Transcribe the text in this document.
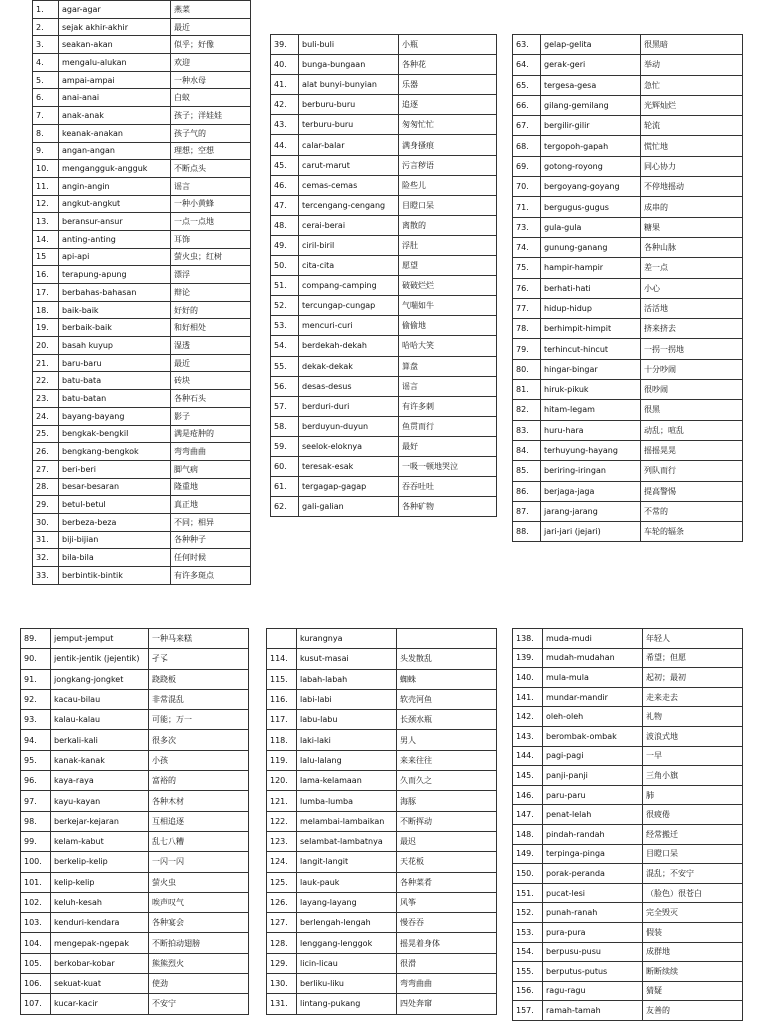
1.	agar-agar	燕菜
2.	sejak akhir-akhir	最近
3.	seakan-akan	似乎；好像
4.	mengalu-alukan	欢迎
5.	ampai-ampai	一种水母
6.	anai-anai	白蚁
7.	anak-anak	孩子；洋娃娃
8.	keanak-anakan	孩子气的
9.	angan-angan	理想；空想
10.	mengangguk-angguk	不断点头
11.	angin-angin	谣言
12.	angkut-angkut	一种小黄蜂
13.	beransur-ansur	一点一点地
14.	anting-anting	耳饰
15	api-api	萤火虫；红树
16.	terapung-apung	漂浮
17.	berbahas-bahasan	辩论
18.	baik-baik	好好的
19.	berbaik-baik	和好相处
20.	basah kuyup	湿透
21.	baru-baru	最近
22.	batu-bata	砖块
23.	batu-batan	各种石头
24.	bayang-bayang	影子
25.	bengkak-bengkil	满是疮肿的
26.	bengkang-bengkok	弯弯曲曲
27.	beri-beri	脚气病
28.	besar-besaran	隆重地
29.	betul-betul	真正地
30.	berbeza-beza	不同；相异
31.	biji-bijian	各种种子
32.	bila-bila	任何时候
33.	berbintik-bintik	有许多斑点
39.	buli-buli	小瓶
40.	bunga-bungaan	各种花
41.	alat bunyi-bunyian	乐器
42.	berburu-buru	追逐
43.	terburu-buru	匆匆忙忙
44.	calar-balar	满身搔痕
45.	carut-marut	污言秽语
46.	cemas-cemas	险些儿
47.	tercengang-cengang	目瞪口呆
48.	cerai-berai	离散的
49.	ciril-biril	浮肚
50.	cita-cita	愿望
51.	compang-camping	破破烂烂
52.	tercungap-cungap	气喘如牛
53.	mencuri-curi	偷偷地
54.	berdekah-dekah	哈哈大笑
55.	dekak-dekak	算盘
56.	desas-desus	谣言
57.	berduri-duri	有许多刺
58.	berduyun-duyun	鱼贯而行
59.	seelok-eloknya	最好
60.	teresak-esak	一吸一顿地哭泣
61.	tergagap-gagap	吞吞吐吐
62.	gali-galian	各种矿物
63.	gelap-gelita	很黑暗
64.	gerak-geri	举动
65.	tergesa-gesa	急忙
66.	gilang-gemilang	光辉灿烂
67.	bergilir-gilir	轮流
68.	tergopoh-gapah	慌忙地
69.	gotong-royong	同心协力
70.	bergoyang-goyang	不停地摇动
71.	bergugus-gugus	成串的
73.	gula-gula	糖果
74.	gunung-ganang	各种山脉
75.	hampir-hampir	差一点
76.	berhati-hati	小心
77.	hidup-hidup	活活地
78.	berhimpit-himpit	挤来挤去
79.	terhincut-hincut	一拐一拐地
80.	hingar-bingar	十分吵闹
81.	hiruk-pikuk	很吵闹
82.	hitam-legam	很黑
83.	huru-hara	动乱；喧乱
84.	terhuyung-hayang	摇摇晃晃
85.	beriring-iringan	列队而行
86.	berjaga-jaga	提高警惕
87.	jarang-jarang	不常的
88.	jari-jari (jejari)	车轮的辐条
89.	jemput-jemput	一种马来糕
90.	jentik-jentik (jejentik)	孑孓
91.	jongkang-jongket	跷跷板
92.	kacau-bilau	非常混乱
93.	kalau-kalau	可能；万一
94.	berkali-kali	很多次
95.	kanak-kanak	小孩
96.	kaya-raya	富裕的
97.	kayu-kayan	各种木材
98.	berkejar-kejaran	互相追逐
99.	kelam-kabut	乱七八糟
100.	berkelip-kelip	一闪一闪
101.	kelip-kelip	萤火虫
102.	keluh-kesah	唉声叹气
103.	kenduri-kendara	各种宴会
104.	mengepak-ngepak	不断拍动翅膀
105.	berkobar-kobar	熊熊烈火
106.	sekuat-kuat	使劲
107.	kucar-kacir	不安宁
	kurangnya	
114.	kusut-masai	头发散乱
115.	labah-labah	蜘蛛
116.	labi-labi	软壳河鱼
117.	labu-labu	长颈水瓶
118.	laki-laki	男人
119.	lalu-lalang	来来往往
120.	lama-kelamaan	久而久之
121.	lumba-lumba	海豚
122.	melambai-lambaikan	不断挥动
123.	selambat-lambatnya	最迟
124.	langit-langit	天花板
125.	lauk-pauk	各种菜肴
126.	layang-layang	风筝
127.	berlengah-lengah	慢吞吞
128.	lenggang-lenggok	摇晃着身体
129.	licin-licau	很滑
130.	berliku-liku	弯弯曲曲
131.	lintang-pukang	四处奔窜
138.	muda-mudi	年轻人
139.	mudah-mudahan	希望；但愿
140.	mula-mula	起初；最初
141.	mundar-mandir	走来走去
142.	oleh-oleh	礼物
143.	berombak-ombak	波浪式地
144.	pagi-pagi	一早
145.	panji-panji	三角小旗
146.	paru-paru	肺
147.	penat-lelah	很疲倦
148.	pindah-randah	经常搬迁
149.	terpinga-pinga	目瞪口呆
150.	porak-peranda	混乱；不安宁
151.	pucat-lesi	（脸色）很苍白
152.	punah-ranah	完全毁灭
153.	pura-pura	假装
154.	berpusu-pusu	成群地
155.	berputus-putus	断断续续
156.	ragu-ragu	猜疑
157.	ramah-tamah	友善的
